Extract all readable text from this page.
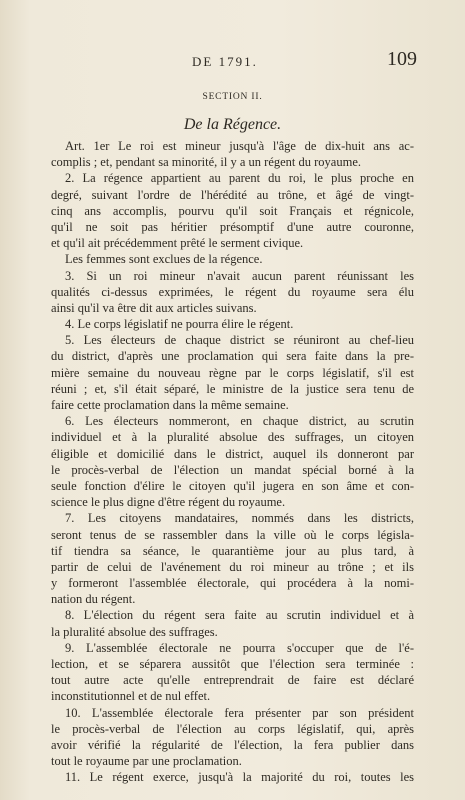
DE 1791.	109
SECTION II.
De la Régence.
Art. 1er Le roi est mineur jusqu'à l'âge de dix-huit ans ac-
complis ; et, pendant sa minorité, il y a un régent du royaume.
2. La régence appartient au parent du roi, le plus proche en
degré, suivant l'ordre de l'hérédité au trône, et âgé de vingt-
cinq ans accomplis, pourvu qu'il soit Français et régnicole,
qu'il ne soit pas héritier présomptif d'une autre couronne,
et qu'il ait précédemment prêté le serment civique.
Les femmes sont exclues de la régence.
3. Si un roi mineur n'avait aucun parent réunissant les
qualités ci-dessus exprimées, le régent du royaume sera élu
ainsi qu'il va être dit aux articles suivans.
4. Le corps législatif ne pourra élire le régent.
5. Les électeurs de chaque district se réuniront au chef-lieu
du district, d'après une proclamation qui sera faite dans la pre-
mière semaine du nouveau règne par le corps législatif, s'il est
réuni ; et, s'il était séparé, le ministre de la justice sera tenu de
faire cette proclamation dans la même semaine.
6. Les électeurs nommeront, en chaque district, au scrutin
individuel et à la pluralité absolue des suffrages, un citoyen
éligible et domicilié dans le district, auquel ils donneront par
le procès-verbal de l'élection un mandat spécial borné à la
seule fonction d'élire le citoyen qu'il jugera en son âme et con-
science le plus digne d'être régent du royaume.
7. Les citoyens mandataires, nommés dans les districts,
seront tenus de se rassembler dans la ville où le corps législa-
tif tiendra sa séance, le quarantième jour au plus tard, à
partir de celui de l'avénement du roi mineur au trône ; et ils
y formeront l'assemblée électorale, qui procédera à la nomi-
nation du régent.
8. L'élection du régent sera faite au scrutin individuel et à
la pluralité absolue des suffrages.
9. L'assemblée électorale ne pourra s'occuper que de l'é-
lection, et se séparera aussitôt que l'élection sera terminée :
tout autre acte qu'elle entreprendrait de faire est déclaré
inconstitutionnel et de nul effet.
10. L'assemblée électorale fera présenter par son président
le procès-verbal de l'élection au corps législatif, qui, après
avoir vérifié la régularité de l'élection, la fera publier dans
tout le royaume par une proclamation.
11. Le régent exerce, jusqu'à la majorité du roi, toutes les
